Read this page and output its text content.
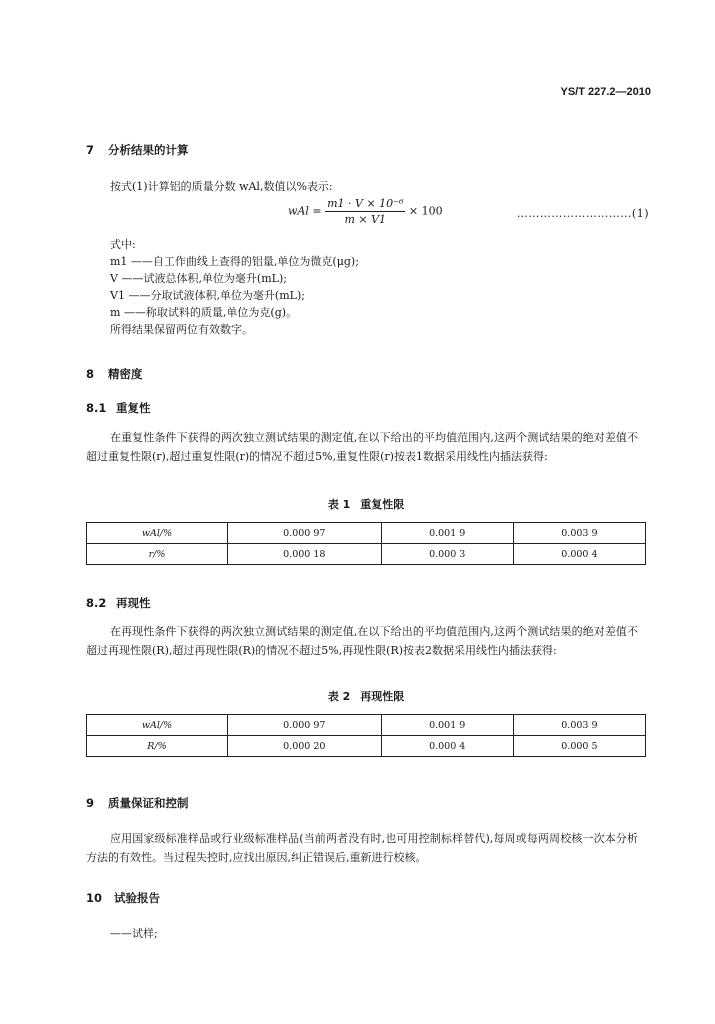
YS/T 227.2—2010
7 分析结果的计算
按式(1)计算铝的质量分数 wAl,数值以%表示:
wAl = $\frac{\text{m1 · V × 10⁻⁶}}{m \times V1} \times 100$	…………………………(1)
式中:
m1 ——自工作曲线上查得的铝量,单位为微克(μg);
V ——试液总体积,单位为毫升(mL);
V1 ——分取试液体积,单位为毫升(mL);
m ——称取试料的质量,单位为克(g)。
所得结果保留两位有效数字。
8 精密度
8.1 重复性
在重复性条件下获得的两次独立测试结果的测定值,在以下给出的平均值范围内,这两个测试结果的绝对差值不超过重复性限(r),超过重复性限(r)的情况不超过5%,重复性限(r)按表1数据采用线性内插法获得:
表 1 重复性限
wAl/%	0.000 97	0.001 9	0.003 9
r/%	0.000 18	0.000 3	0.000 4
8.2 再现性
在再现性条件下获得的两次独立测试结果的测定值,在以下给出的平均值范围内,这两个测试结果的绝对差值不超过再现性限(R),超过再现性限(R)的情况不超过5%,再现性限(R)按表2数据采用线性内插法获得:
表 2 再现性限
wAl/%	0.000 97	0.001 9	0.003 9
R/%	0.000 20	0.000 4	0.000 5
9 质量保证和控制
应用国家级标准样品或行业级标准样品(当前两者没有时,也可用控制标样替代),每周或每两周校核一次本分析方法的有效性。当过程失控时,应找出原因,纠正错误后,重新进行校核。
10 试验报告
——试样;
